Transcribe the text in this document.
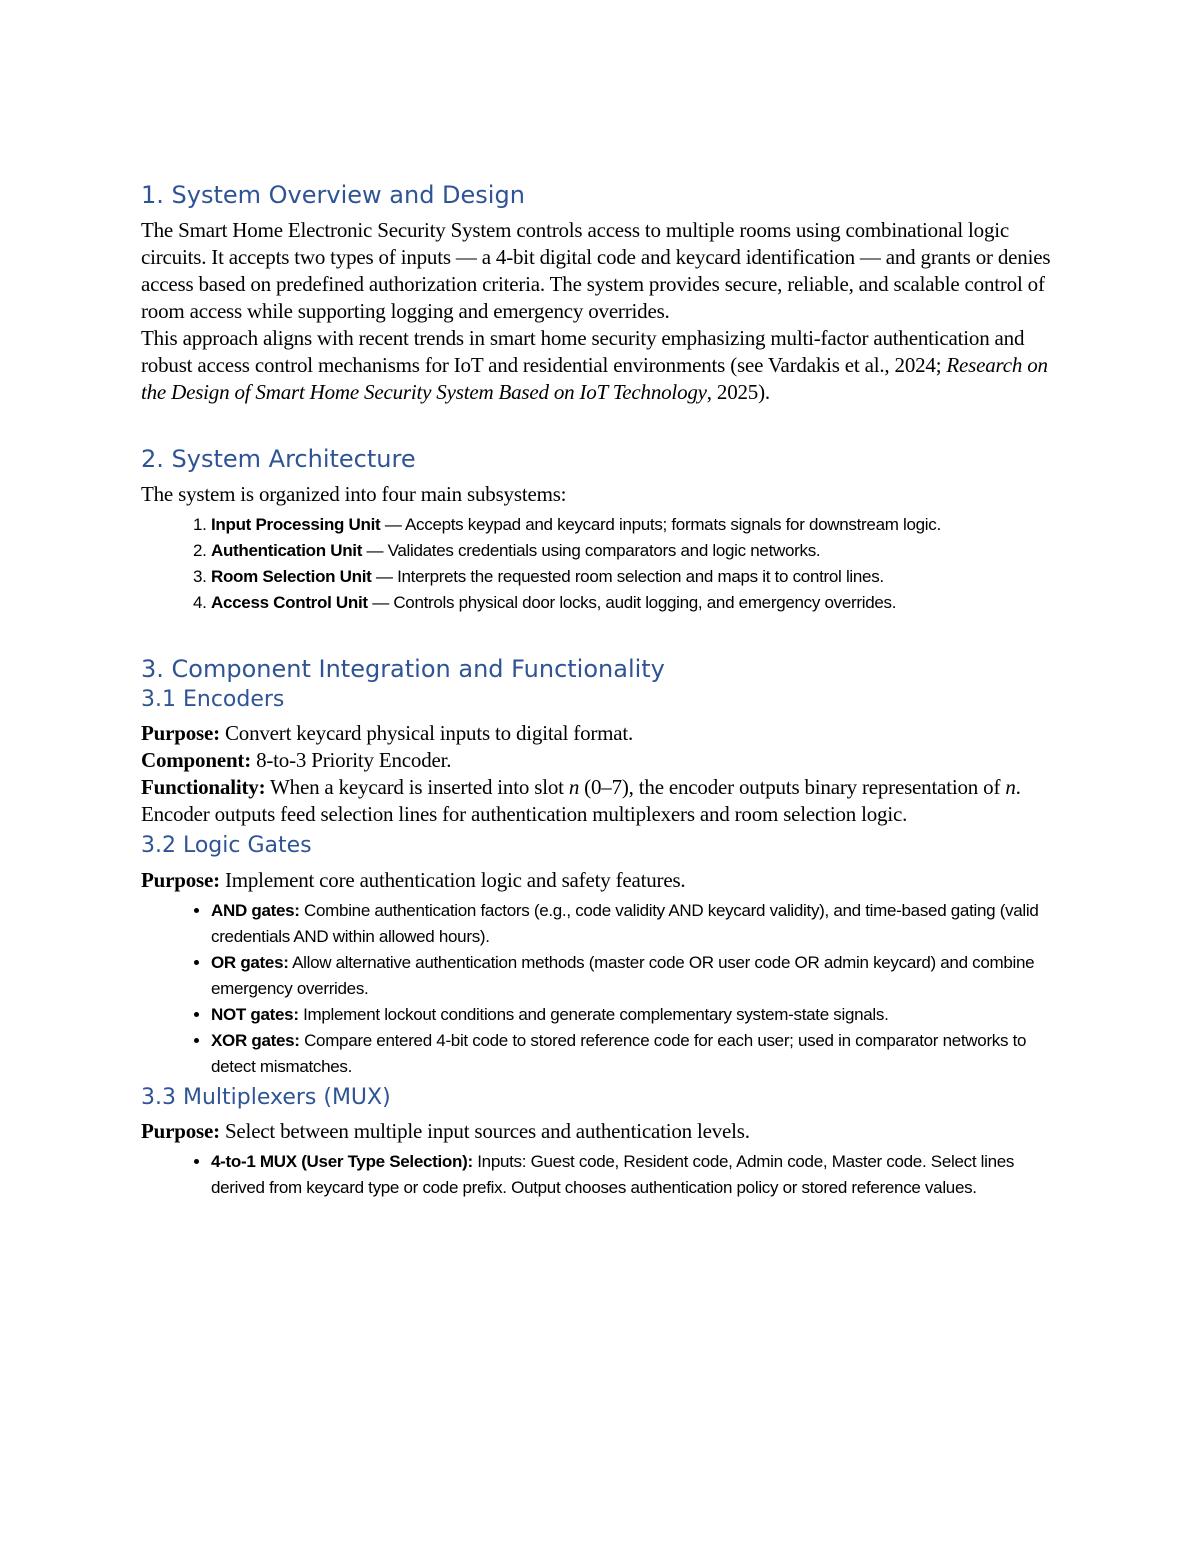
1. System Overview and Design

The Smart Home Electronic Security System controls access to multiple rooms using combinational logic circuits. It accepts two types of inputs — a 4-bit digital code and keycard identification — and grants or denies access based on predefined authorization criteria. The system provides secure, reliable, and scalable control of room access while supporting logging and emergency overrides.

This approach aligns with recent trends in smart home security emphasizing multi-factor authentication and robust access control mechanisms for IoT and residential environments (see Vardakis et al., 2024; Research on the Design of Smart Home Security System Based on IoT Technology, 2025).

2. System Architecture

The system is organized into four main subsystems:

1. Input Processing Unit — Accepts keypad and keycard inputs; formats signals for downstream logic.
2. Authentication Unit — Validates credentials using comparators and logic networks.
3. Room Selection Unit — Interprets the requested room selection and maps it to control lines.
4. Access Control Unit — Controls physical door locks, audit logging, and emergency overrides.
3. Component Integration and Functionality
3.1 Encoders

Purpose: Convert keycard physical inputs to digital format.

Component: 8-to-3 Priority Encoder.

Functionality: When a keycard is inserted into slot n (0–7), the encoder outputs binary representation of n. Encoder outputs feed selection lines for authentication multiplexers and room selection logic.

3.2 Logic Gates

Purpose: Implement core authentication logic and safety features.

• AND gates: Combine authentication factors (e.g., code validity AND keycard validity), and time-based gating (valid credentials AND within allowed hours).
• OR gates: Allow alternative authentication methods (master code OR user code OR admin keycard) and combine emergency overrides.
• NOT gates: Implement lockout conditions and generate complementary system-state signals.
• XOR gates: Compare entered 4-bit code to stored reference code for each user; used in comparator networks to detect mismatches.
3.3 Multiplexers (MUX)

Purpose: Select between multiple input sources and authentication levels.

• 4-to-1 MUX (User Type Selection): Inputs: Guest code, Resident code, Admin code, Master code. Select lines derived from keycard type or code prefix. Output chooses authentication policy or stored reference values.
